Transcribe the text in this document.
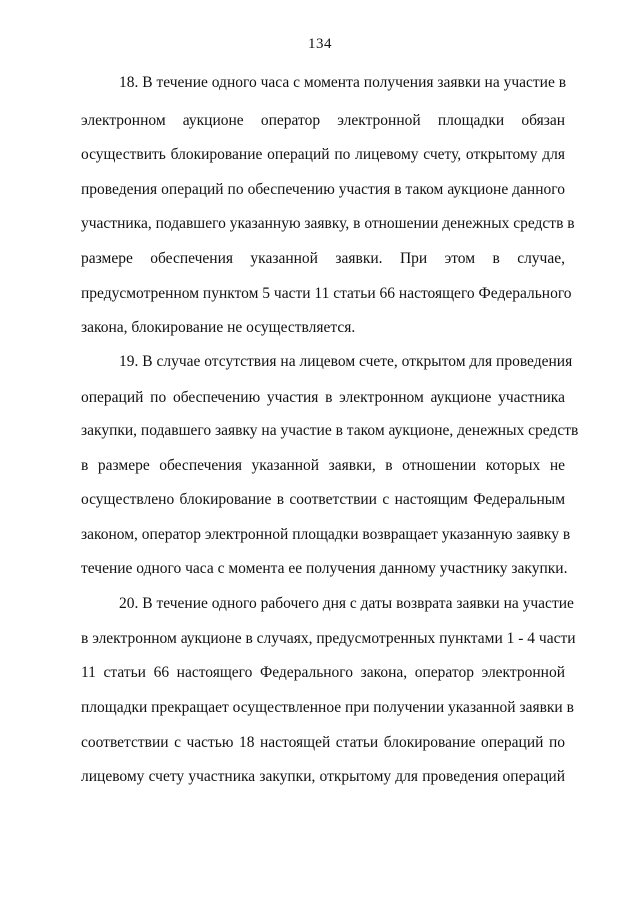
134
18. В течение одного часа с момента получения заявки на участие в
электронном аукционе оператор электронной площадки обязан
осуществить блокирование операций по лицевому счету, открытому для
проведения операций по обеспечению участия в таком аукционе данного
участника, подавшего указанную заявку, в отношении денежных средств в
размере обеспечения указанной заявки. При этом в случае,
предусмотренном пунктом 5 части 11 статьи 66 настоящего Федерального
закона, блокирование не осуществляется.
19. В случае отсутствия на лицевом счете, открытом для проведения
операций по обеспечению участия в электронном аукционе участника
закупки, подавшего заявку на участие в таком аукционе, денежных средств
в размере обеспечения указанной заявки, в отношении которых не
осуществлено блокирование в соответствии с настоящим Федеральным
законом, оператор электронной площадки возвращает указанную заявку в
течение одного часа с момента ее получения данному участнику закупки.
20. В течение одного рабочего дня с даты возврата заявки на участие
в электронном аукционе в случаях, предусмотренных пунктами 1 - 4 части
11 статьи 66 настоящего Федерального закона, оператор электронной
площадки прекращает осуществленное при получении указанной заявки в
соответствии с частью 18 настоящей статьи блокирование операций по
лицевому счету участника закупки, открытому для проведения операций
